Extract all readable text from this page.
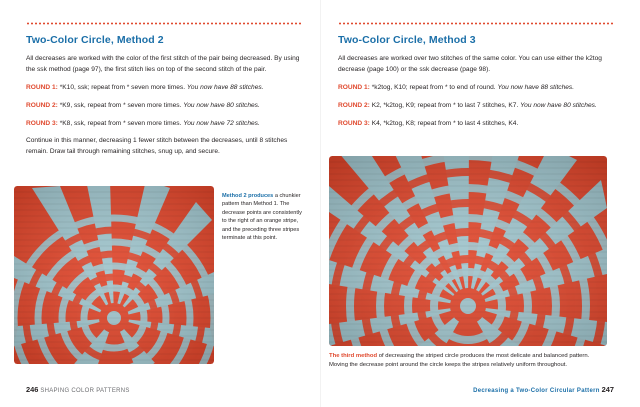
Two-Color Circle, Method 2

All decreases are worked with the color of the first stitch of the pair being decreased. By using the ssk method (page 97), the first stitch lies on top of the second stitch of the pair.

ROUND 1: *K10, ssk; repeat from * seven more times. You now have 88 stitches.

ROUND 2: *K9, ssk, repeat from * seven more times. You now have 80 stitches.

ROUND 3: *K8, ssk, repeat from * seven more times. You now have 72 stitches.

Continue in this manner, decreasing 1 fewer stitch between the decreases, until 8 stitches remain. Draw tail through remaining stitches, snug up, and secure.

Method 2 produces a chunkier pattern than Method 1. The decrease points are consistently to the right of an orange stripe, and the preceding three stripes terminate at this point.
246 SHAPING COLOR PATTERNS
Two-Color Circle, Method 3

All decreases are worked over two stitches of the same color. You can use either the k2tog decrease (page 100) or the ssk decrease (page 98).

ROUND 1: *k2tog, K10; repeat from * to end of round. You now have 88 stitches.

ROUND 2: K2, *k2tog, K9; repeat from * to last 7 stitches, K7. You now have 80 stitches.

ROUND 3: K4, *k2tog, K8; repeat from * to last 4 stitches, K4.

The third method of decreasing the striped circle produces the most delicate and balanced pattern. Moving the decrease point around the circle keeps the stripes relatively uniform throughout.
Decreasing a Two-Color Circular Pattern 247
